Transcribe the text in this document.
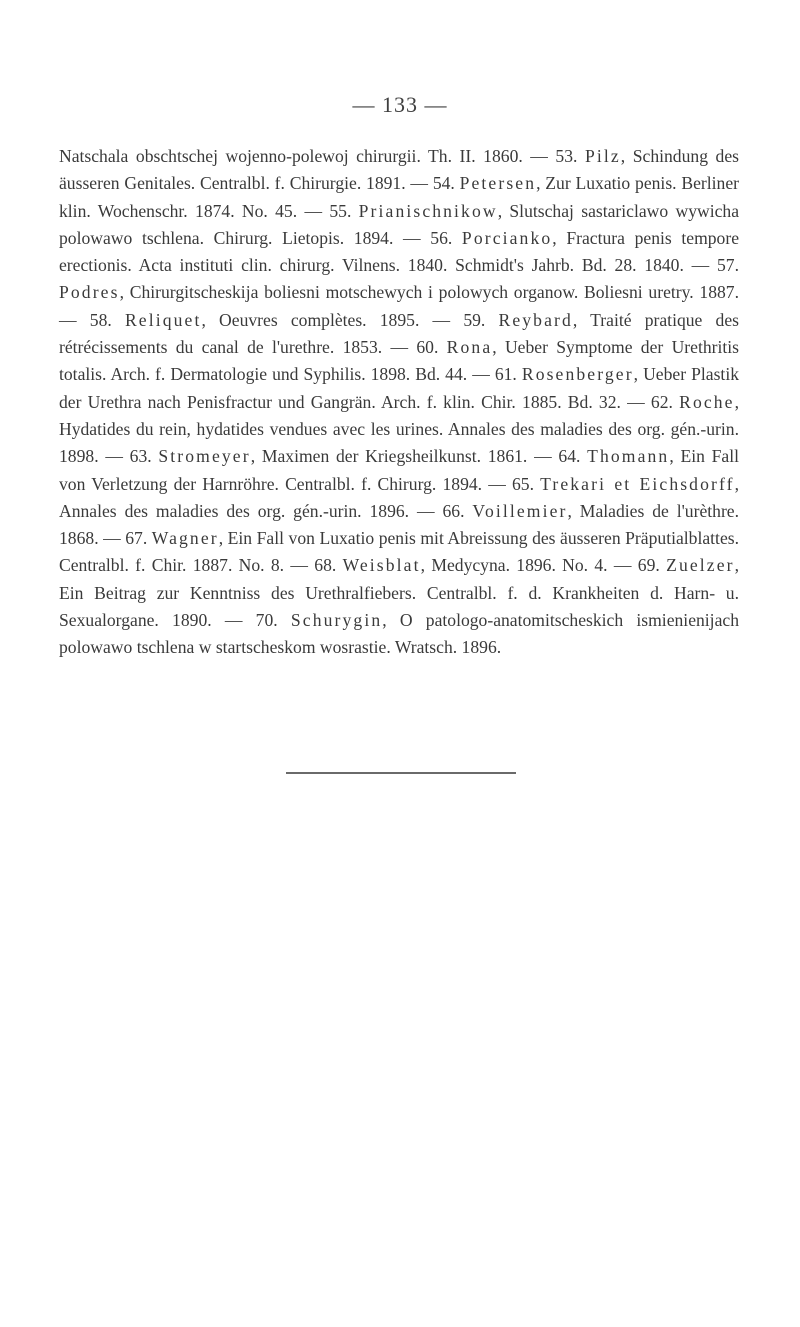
— 133 —
Natschala obschtschej wojenno-polewoj chirurgii. Th. II. 1860. — 53. Pilz, Schindung des äusseren Genitales. Centralbl. f. Chirurgie. 1891. — 54. Petersen, Zur Luxatio penis. Berliner klin. Wochenschr. 1874. No. 45. — 55. Prianischnikow, Slutschaj sastariclawo wywicha polowawo tschlena. Chirurg. Lietopis. 1894. — 56. Porcianko, Fractura penis tempore erectionis. Acta instituti clin. chirurg. Vilnens. 1840. Schmidt's Jahrb. Bd. 28. 1840. — 57. Podres, Chirurgitscheskija boliesni motschewych i polowych organow. Boliesni uretry. 1887. — 58. Reliquet, Oeuvres complètes. 1895. — 59. Reybard, Traité pratique des rétrécissements du canal de l'urethre. 1853. — 60. Rona, Ueber Symptome der Urethritis totalis. Arch. f. Dermatologie und Syphilis. 1898. Bd. 44. — 61. Rosenberger, Ueber Plastik der Urethra nach Penisfractur und Gangrän. Arch. f. klin. Chir. 1885. Bd. 32. — 62. Roche, Hydatides du rein, hydatides vendues avec les urines. Annales des maladies des org. gén.-urin. 1898. — 63. Stromeyer, Maximen der Kriegsheilkunst. 1861. — 64. Thomann, Ein Fall von Verletzung der Harnröhre. Centralbl. f. Chirurg. 1894. — 65. Trekari et Eichsdorff, Annales des maladies des org. gén.-urin. 1896. — 66. Voillemier, Maladies de l'urèthre. 1868. — 67. Wagner, Ein Fall von Luxatio penis mit Abreissung des äusseren Präputialblattes. Centralbl. f. Chir. 1887. No. 8. — 68. Weisblat, Medycyna. 1896. No. 4. — 69. Zuelzer, Ein Beitrag zur Kenntniss des Urethralfiebers. Centralbl. f. d. Krankheiten d. Harn- u. Sexualorgane. 1890. — 70. Schurygin, O patologo-anatomitscheskich ismienienijach polowawo tschlena w startscheskom wosrastie. Wratsch. 1896.
